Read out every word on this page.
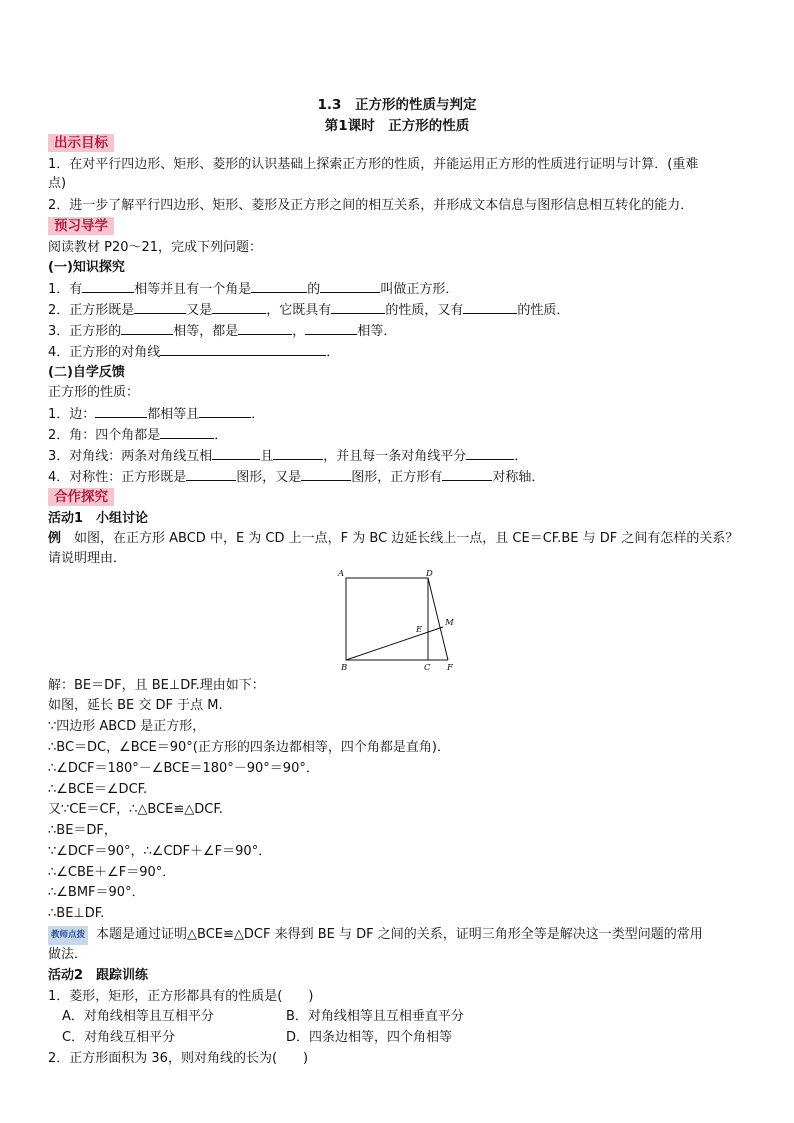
1.3　正方形的性质与判定
第1课时　正方形的性质
出示目标
1．在对平行四边形、矩形、菱形的认识基础上探索正方形的性质，并能运用正方形的性质进行证明与计算．(重难
点)
2．进一步了解平行四边形、矩形、菱形及正方形之间的相互关系，并形成文本信息与图形信息相互转化的能力．
预习导学
阅读教材 P20～21，完成下列问题：
(一)知识探究
1．有	相等并且有一个角是	的	叫做正方形．
2．正方形既是	又是	，它既具有	的性质，又有	的性质．
3．正方形的	相等，都是	，	相等．
4．正方形的对角线	．
(二)自学反馈
正方形的性质：
1．边：	都相等且	．
2．角：四个角都是	．
3．对角线：两条对角线互相	且	，并且每一条对角线平分	．
4．对称性：正方形既是	图形，又是	图形，正方形有	对称轴．
合作探究
活动1　小组讨论
例　如图，在正方形 ABCD 中，E 为 CD 上一点，F 为 BC 边延长线上一点，且 CE＝CF.BE 与 DF 之间有怎样的关系？
请说明理由．
A	D
B	C F
E
M
解：BE＝DF，且 BE⊥DF.理由如下：
如图，延长 BE 交 DF 于点 M.
∵四边形 ABCD 是正方形，
∴BC＝DC，∠BCE＝90°(正方形的四条边都相等，四个角都是直角)．
∴∠DCF＝180°－∠BCE＝180°－90°＝90°．
∴∠BCE＝∠DCF.
又∵CE＝CF，∴△BCE≌△DCF.
∴BE＝DF，
∵∠DCF＝90°，∴∠CDF＋∠F＝90°．
∴∠CBE＋∠F＝90°．
∴∠BMF＝90°．
∴BE⊥DF.
教师点拨 本题是通过证明△BCE≌△DCF 来得到 BE 与 DF 之间的关系，证明三角形全等是解决这一类型问题的常用
做法．
活动2　跟踪训练
1．菱形，矩形，正方形都具有的性质是(　　)
A．对角线相等且互相平分	B．对角线相等且互相垂直平分
C．对角线互相平分	D．四条边相等，四个角相等
2．正方形面积为 36，则对角线的长为(　　)
